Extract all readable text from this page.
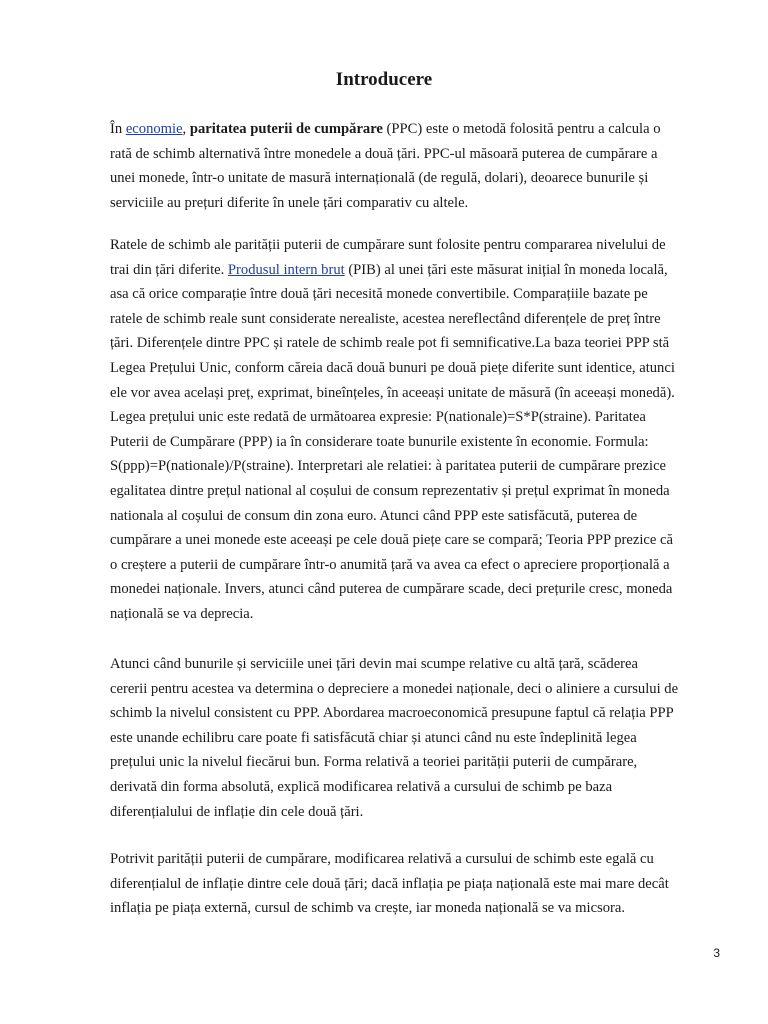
Introducere
În economie, paritatea puterii de cumpărare (PPC) este o metodă folosită pentru a calcula o
rată de schimb alternativă între monedele a două țări. PPC-ul măsoară puterea de cumpărare a
unei monede, într-o unitate de masură internațională (de regulă, dolari), deoarece bunurile și
serviciile au prețuri diferite în unele țări comparativ cu altele.
Ratele de schimb ale parității puterii de cumpărare sunt folosite pentru compararea nivelului de
trai din țări diferite. Produsul intern brut (PIB) al unei țări este măsurat inițial în moneda locală,
asa că orice comparație între două țări necesită monede convertibile. Comparațiile bazate pe
ratele de schimb reale sunt considerate nerealiste, acestea nereflectând diferențele de preț între
țări. Diferențele dintre PPC și ratele de schimb reale pot fi semnificative.La baza teoriei PPP stă
Legea Prețului Unic, conform căreia dacă două bunuri pe două piețe diferite sunt identice, atunci
ele vor avea același preț, exprimat, bineînțeles, în aceeași unitate de măsură (în aceeași monedă).
Legea prețului unic este redată de următoarea expresie: P(nationale)=S*P(straine). Paritatea
Puterii de Cumpărare (PPP) ia în considerare toate bunurile existente în economie. Formula:
S(ppp)=P(nationale)/P(straine). Interpretari ale relatiei: à paritatea puterii de cumpărare prezice
egalitatea dintre prețul national al coșului de consum reprezentativ și prețul exprimat în moneda
nationala al coșului de consum din zona euro. Atunci când PPP este satisfăcută, puterea de
cumpărare a unei monede este aceeași pe cele două piețe care se compară; Teoria PPP prezice că
o creștere a puterii de cumpărare într-o anumită țară va avea ca efect o apreciere proporțională a
monedei naționale. Invers, atunci când puterea de cumpărare scade, deci prețurile cresc, moneda
națională se va deprecia.
Atunci când bunurile și serviciile unei țări devin mai scumpe relative cu altă țară, scăderea
cererii pentru acestea va determina o depreciere a monedei naționale, deci o aliniere a cursului de
schimb la nivelul consistent cu PPP. Abordarea macroeconomică presupune faptul că relația PPP
este unande echilibru care poate fi satisfăcută chiar și atunci când nu este îndeplinită legea
prețului unic la nivelul fiecărui bun. Forma relativă a teoriei parității puterii de cumpărare,
derivată din forma absolută, explică modificarea relativă a cursului de schimb pe baza
diferențialului de inflație din cele două țări.
Potrivit parității puterii de cumpărare, modificarea relativă a cursului de schimb este egală cu
diferențialul de inflație dintre cele două țări; dacă inflația pe piața națională este mai mare decât
inflația pe piața externă, cursul de schimb va crește, iar moneda națională se va micsora.
3
